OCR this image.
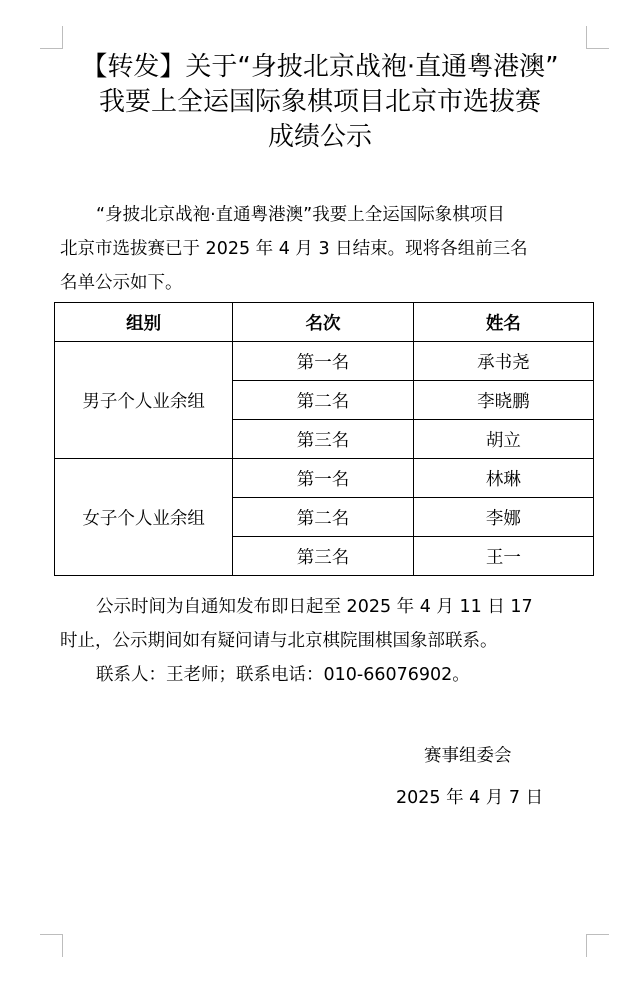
【转发】关于“身披北京战袍·直通粤港澳”
我要上全运国际象棋项目北京市选拔赛
成绩公示
“身披北京战袍·直通粤港澳”我要上全运国际象棋项目
北京市选拔赛已于 2025 年 4 月 3 日结束。现将各组前三名
名单公示如下。
组别	名次	姓名
男子个人业余组	第一名	承书尧
	第二名	李晓鹏
	第三名	胡立
女子个人业余组	第一名	林琳
	第二名	李娜
	第三名	王一
公示时间为自通知发布即日起至 2025 年 4 月 11 日 17
时止，公示期间如有疑问请与北京棋院围棋国象部联系。
联系人：王老师；联系电话：010-66076902。
赛事组委会
2025 年 4 月 7 日
